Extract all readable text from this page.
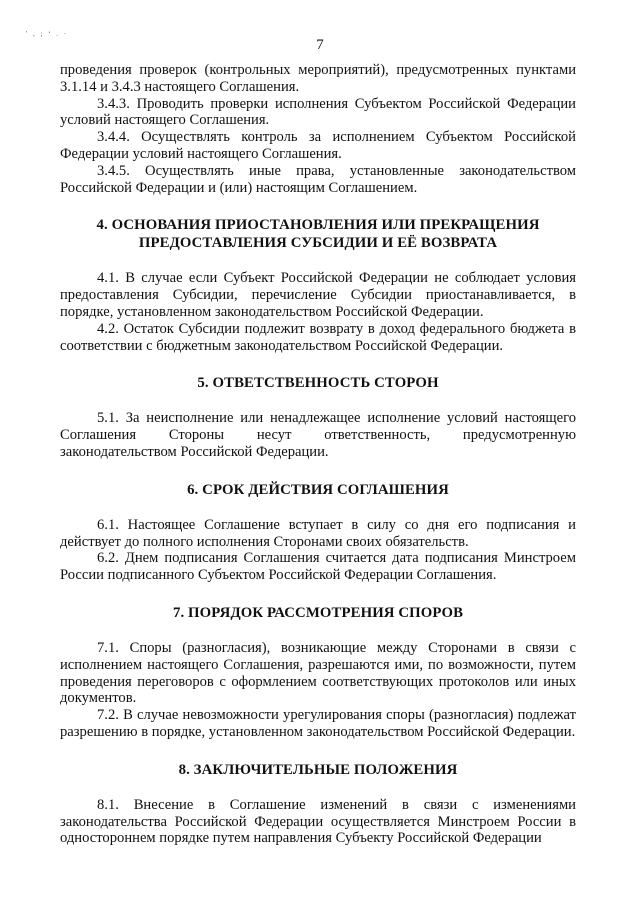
' , ; ‘ . ·
7

проведения проверок (контрольных мероприятий), предусмотренных пунктами 3.1.14 и 3.4.3 настоящего Соглашения.

3.4.3. Проводить проверки исполнения Субъектом Российской Федерации условий настоящего Соглашения.

3.4.4. Осуществлять контроль за исполнением Субъектом Российской Федерации условий настоящего Соглашения.

3.4.5. Осуществлять иные права, установленные законодательством Российской Федерации и (или) настоящим Соглашением.

4. ОСНОВАНИЯ ПРИОСТАНОВЛЕНИЯ ИЛИ ПРЕКРАЩЕНИЯ
ПРЕДОСТАВЛЕНИЯ СУБСИДИИ И ЕЁ ВОЗВРАТА

4.1. В случае если Субъект Российской Федерации не соблюдает условия предоставления Субсидии, перечисление Субсидии приостанавливается, в порядке, установленном законодательством Российской Федерации.

4.2. Остаток Субсидии подлежит возврату в доход федерального бюджета в соответствии с бюджетным законодательством Российской Федерации.

5. ОТВЕТСТВЕННОСТЬ СТОРОН

5.1. За неисполнение или ненадлежащее исполнение условий настоящего Соглашения Стороны несут ответственность, предусмотренную законодательством Российской Федерации.

6. СРОК ДЕЙСТВИЯ СОГЛАШЕНИЯ

6.1. Настоящее Соглашение вступает в силу со дня его подписания и действует до полного исполнения Сторонами своих обязательств.

6.2. Днем подписания Соглашения считается дата подписания Минстроем России подписанного Субъектом Российской Федерации Соглашения.

7. ПОРЯДОК РАССМОТРЕНИЯ СПОРОВ

7.1. Споры (разногласия), возникающие между Сторонами в связи с исполнением настоящего Соглашения, разрешаются ими, по возможности, путем проведения переговоров с оформлением соответствующих протоколов или иных документов.

7.2. В случае невозможности урегулирования споры (разногласия) подлежат разрешению в порядке, установленном законодательством Российской Федерации.

8. ЗАКЛЮЧИТЕЛЬНЫЕ ПОЛОЖЕНИЯ

8.1. Внесение в Соглашение изменений в связи с изменениями законодательства Российской Федерации осуществляется Минстроем России в одностороннем порядке путем направления Субъекту Российской Федерации
